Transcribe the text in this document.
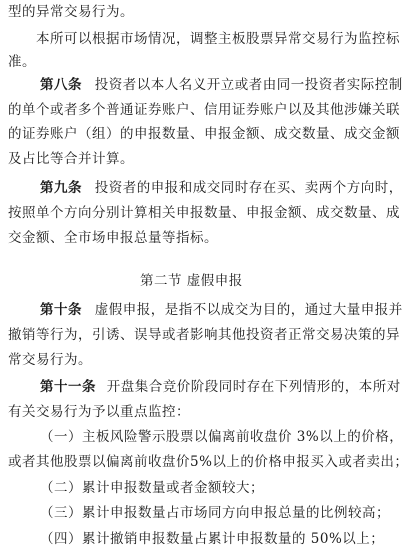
型的异常交易行为。
本所可以根据市场情况，调整主板股票异常交易行为监控标
准。
第八条 投资者以本人名义开立或者由同一投资者实际控制
的单个或者多个普通证券账户、信用证券账户以及其他涉嫌关联
的证券账户（组）的申报数量、申报金额、成交数量、成交金额
及占比等合并计算。
第九条 投资者的申报和成交同时存在买、卖两个方向时，
按照单个方向分别计算相关申报数量、申报金额、成交数量、成
交金额、全市场申报总量等指标。
第二节 虚假申报
第十条 虚假申报，是指不以成交为目的，通过大量申报并
撤销等行为，引诱、误导或者影响其他投资者正常交易决策的异
常交易行为。
第十一条 开盘集合竞价阶段同时存在下列情形的，本所对
有关交易行为予以重点监控：
（一）主板风险警示股票以偏离前收盘价 3%以上的价格，
或者其他股票以偏离前收盘价5%以上的价格申报买入或者卖出；
（二）累计申报数量或者金额较大；
（三）累计申报数量占市场同方向申报总量的比例较高；
（四）累计撤销申报数量占累计申报数量的 50%以上；
